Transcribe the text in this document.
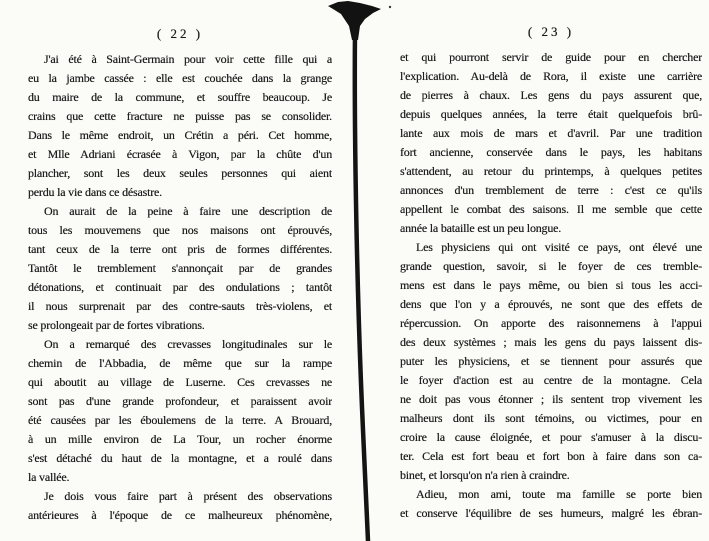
( 22 )
J'ai été à Saint-Germain pour voir cette fille qui a
eu la jambe cassée : elle est couchée dans la grange
du maire de la commune, et souffre beaucoup. Je
crains que cette fracture ne puisse pas se consolider.
Dans le même endroit, un Crétin a péri. Cet homme,
et Mlle Adriani écrasée à Vigon, par la chûte d'un
plancher, sont les deux seules personnes qui aient
perdu la vie dans ce désastre.
On aurait de la peine à faire une description de
tous les mouvemens que nos maisons ont éprouvés,
tant ceux de la terre ont pris de formes différentes.
Tantôt le tremblement s'annonçait par de grandes
détonations, et continuait par des ondulations ; tantôt
il nous surprenait par des contre-sauts très-violens, et
se prolongeait par de fortes vibrations.
On a remarqué des crevasses longitudinales sur le
chemin de l'Abbadia, de même que sur la rampe
qui aboutit au village de Luserne. Ces crevasses ne
sont pas d'une grande profondeur, et paraissent avoir
été causées par les éboulemens de la terre. A Brouard,
à un mille environ de La Tour, un rocher énorme
s'est détaché du haut de la montagne, et a roulé dans
la vallée.
Je dois vous faire part à présent des observations
antérieures à l'époque de ce malheureux phénomène,
( 23 )
et qui pourront servir de guide pour en chercher
l'explication. Au-delà de Rora, il existe une carrière
de pierres à chaux. Les gens du pays assurent que,
depuis quelques années, la terre était quelquefois brû-
lante aux mois de mars et d'avril. Par une tradition
fort ancienne, conservée dans le pays, les habitans
s'attendent, au retour du printemps, à quelques petites
annonces d'un tremblement de terre : c'est ce qu'ils
appellent le combat des saisons. Il me semble que cette
année la bataille est un peu longue.
Les physiciens qui ont visité ce pays, ont élevé une
grande question, savoir, si le foyer de ces tremble-
mens est dans le pays même, ou bien si tous les acci-
dens que l'on y a éprouvés, ne sont que des effets de
répercussion. On apporte des raisonnemens à l'appui
des deux systèmes ; mais les gens du pays laissent dis-
puter les physiciens, et se tiennent pour assurés que
le foyer d'action est au centre de la montagne. Cela
ne doit pas vous étonner ; ils sentent trop vivement les
malheurs dont ils sont témoins, ou victimes, pour en
croire la cause éloignée, et pour s'amuser à la discu-
ter. Cela est fort beau et fort bon à faire dans son ca-
binet, et lorsqu'on n'a rien à craindre.
Adieu, mon ami, toute ma famille se porte bien
et conserve l'équilibre de ses humeurs, malgré les ébran-
